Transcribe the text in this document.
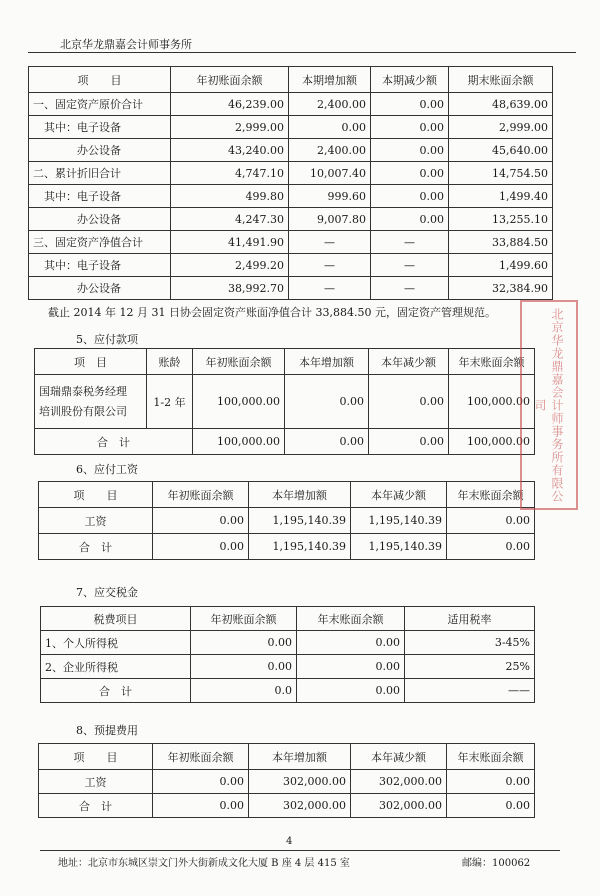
北京华龙鼎嘉会计师事务所
项　　目	年初账面余额	本期增加额	本期减少额	期末账面余额
一、固定资产原价合计	46,239.00	2,400.00	0.00	48,639.00
　其中：电子设备	2,999.00	0.00	0.00	2,999.00
　　　　办公设备	43,240.00	2,400.00	0.00	45,640.00
二、累计折旧合计	4,747.10	10,007.40	0.00	14,754.50
　其中：电子设备	499.80	999.60	0.00	1,499.40
　　　　办公设备	4,247.30	9,007.80	0.00	13,255.10
三、固定资产净值合计	41,491.90	—	—	33,884.50
　其中：电子设备	2,499.20	—	—	1,499.60
　　　　办公设备	38,992.70	—	—	32,384.90
截止 2014 年 12 月 31 日协会固定资产账面净值合计 33,884.50 元，固定资产管理规范。
5、应付款项
项　目	账龄	年初账面余额	本年增加额	本年减少额	年末账面余额

国瑞鼎泰税务经理
培训股份有限公司	1-2 年	100,000.00	0.00	0.00	100,000.00
合　计		100,000.00	0.00	0.00	100,000.00
6、应付工资
项　　目	年初账面余额	本年增加额	本年减少额	年末账面余额
工资	0.00	1,195,140.39	1,195,140.39	0.00
合　计	0.00	1,195,140.39	1,195,140.39	0.00
7、应交税金
税费项目	年初账面余额	年末账面余额	适用税率
1、个人所得税	0.00	0.00	3-45%
2、企业所得税	0.00	0.00	25%
合　计	0.0	0.00	——
8、预提费用
项　　目	年初账面余额	本年增加额	本年减少额	年末账面余额
工资	0.00	302,000.00	302,000.00	0.00
合　计	0.00	302,000.00	302,000.00	0.00
北京华龙鼎嘉会计师事务所有限公司
4
地址：北京市东城区崇文门外大街新成文化大厦 B 座 4 层 415 室	邮编：100062
